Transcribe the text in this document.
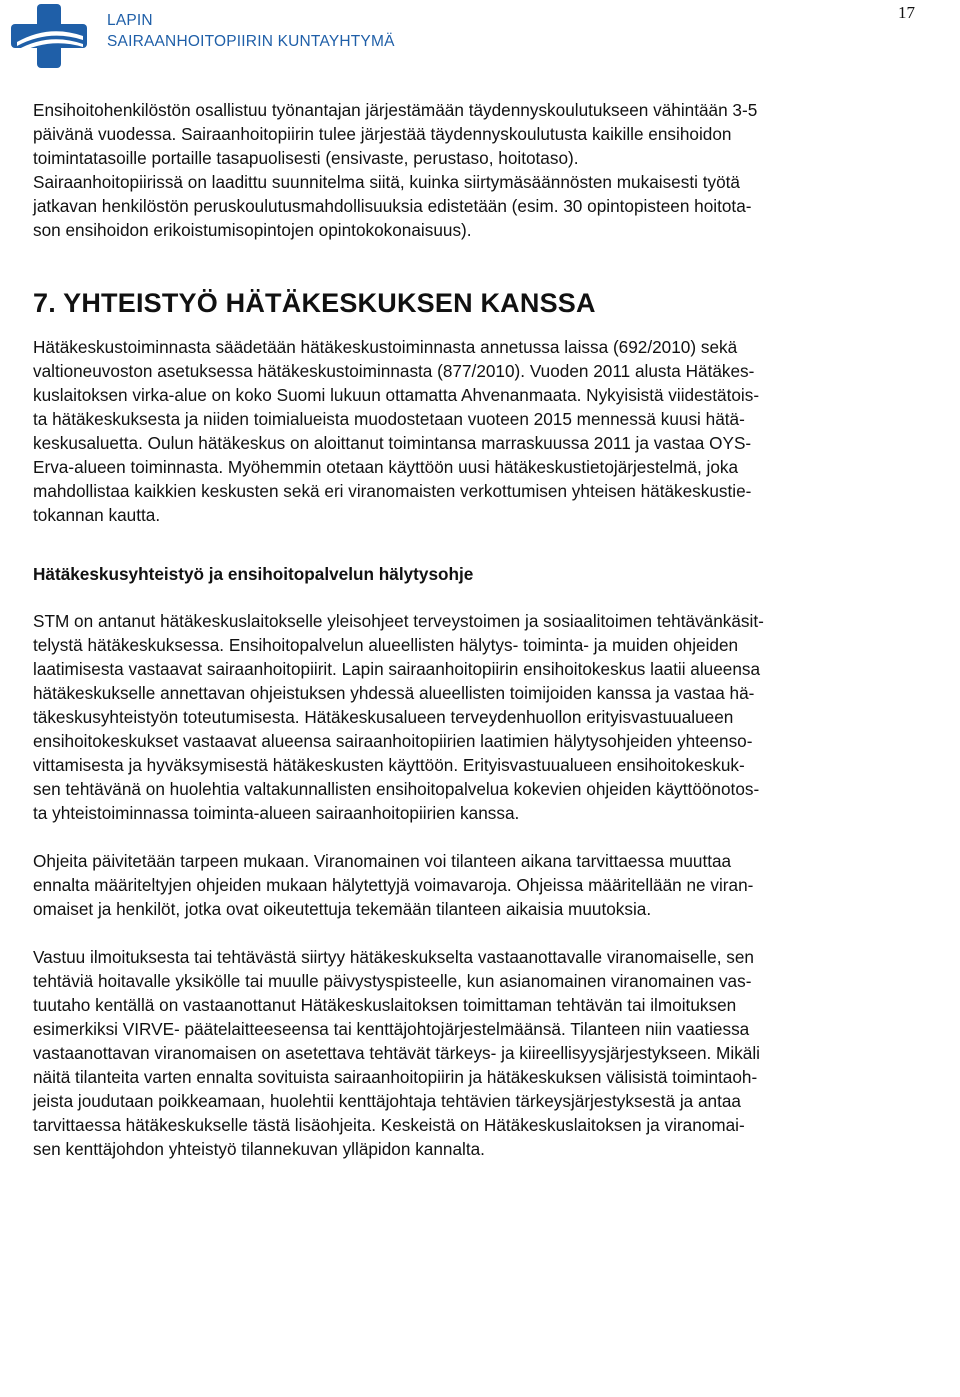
LAPIN
SAIRAANHOITOPIIRIN KUNTAYHTYMÄ
17
Ensihoitohenkilöstön osallistuu työnantajan järjestämään täydennyskoulutukseen vähintään 3-5
päivänä vuodessa. Sairaanhoitopiirin tulee järjestää täydennyskoulutusta kaikille ensihoidon
toimintatasoille portaille tasapuolisesti (ensivaste, perustaso, hoitotaso).
Sairaanhoitopiirissä on laadittu suunnitelma siitä, kuinka siirtymäsäännösten mukaisesti työtä
jatkavan henkilöstön peruskoulutusmahdollisuuksia edistetään (esim. 30 opintopisteen hoitota-
son ensihoidon erikoistumisopintojen opintokokonaisuus).
7. YHTEISTYÖ HÄTÄKESKUKSEN KANSSA
Hätäkeskustoiminnasta säädetään hätäkeskustoiminnasta annetussa laissa (692/2010) sekä
valtioneuvoston asetuksessa hätäkeskustoiminnasta (877/2010). Vuoden 2011 alusta Hätäkes-
kuslaitoksen virka-alue on koko Suomi lukuun ottamatta Ahvenanmaata. Nykyisistä viidestätois-
ta hätäkeskuksesta ja niiden toimialueista muodostetaan vuoteen 2015 mennessä kuusi hätä-
keskusaluetta. Oulun hätäkeskus on aloittanut toimintansa marraskuussa 2011 ja vastaa OYS-
Erva-alueen toiminnasta. Myöhemmin otetaan käyttöön uusi hätäkeskustietojärjestelmä, joka
mahdollistaa kaikkien keskusten sekä eri viranomaisten verkottumisen yhteisen hätäkeskustie-
tokannan kautta.
Hätäkeskusyhteistyö ja ensihoitopalvelun hälytysohje
STM on antanut hätäkeskuslaitokselle yleisohjeet terveystoimen ja sosiaalitoimen tehtävänkäsit-
telystä hätäkeskuksessa. Ensihoitopalvelun alueellisten hälytys- toiminta- ja muiden ohjeiden
laatimisesta vastaavat sairaanhoitopiirit. Lapin sairaanhoitopiirin ensihoitokeskus laatii alueensa
hätäkeskukselle annettavan ohjeistuksen yhdessä alueellisten toimijoiden kanssa ja vastaa hä-
täkeskusyhteistyön toteutumisesta. Hätäkeskusalueen terveydenhuollon erityisvastuualueen
ensihoitokeskukset vastaavat alueensa sairaanhoitopiirien laatimien hälytysohjeiden yhteenso-
vittamisesta ja hyväksymisestä hätäkeskusten käyttöön. Erityisvastuualueen ensihoitokeskuk-
sen tehtävänä on huolehtia valtakunnallisten ensihoitopalvelua kokevien ohjeiden käyttöönotos-
ta yhteistoiminnassa toiminta-alueen sairaanhoitopiirien kanssa.
Ohjeita päivitetään tarpeen mukaan. Viranomainen voi tilanteen aikana tarvittaessa muuttaa
ennalta määriteltyjen ohjeiden mukaan hälytettyjä voimavaroja. Ohjeissa määritellään ne viran-
omaiset ja henkilöt, jotka ovat oikeutettuja tekemään tilanteen aikaisia muutoksia.
Vastuu ilmoituksesta tai tehtävästä siirtyy hätäkeskukselta vastaanottavalle viranomaiselle, sen
tehtäviä hoitavalle yksikölle tai muulle päivystyspisteelle, kun asianomainen viranomainen vas-
tuutaho kentällä on vastaanottanut Hätäkeskuslaitoksen toimittaman tehtävän tai ilmoituksen
esimerkiksi VIRVE- päätelaitteeseensa tai kenttäjohtojärjestelmäänsä. Tilanteen niin vaatiessa
vastaanottavan viranomaisen on asetettava tehtävät tärkeys- ja kiireellisyysjärjestykseen. Mikäli
näitä tilanteita varten ennalta sovituista sairaanhoitopiirin ja hätäkeskuksen välisistä toimintaoh-
jeista joudutaan poikkeamaan, huolehtii kenttäjohtaja tehtävien tärkeysjärjestyksestä ja antaa
tarvittaessa hätäkeskukselle tästä lisäohjeita. Keskeistä on Hätäkeskuslaitoksen ja viranomai-
sen kenttäjohdon yhteistyö tilannekuvan ylläpidon kannalta.
